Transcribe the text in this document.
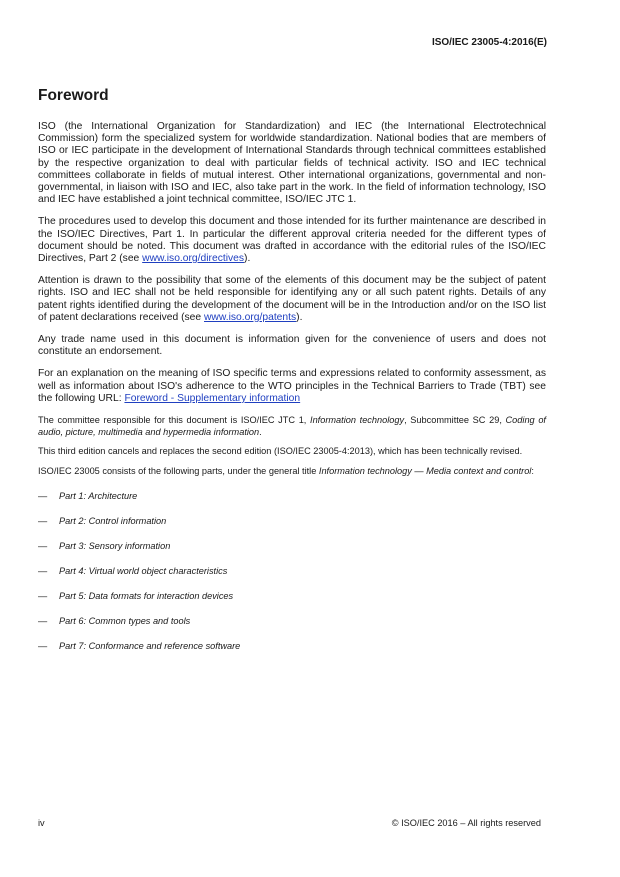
ISO/IEC 23005-4:2016(E)
Foreword

ISO (the International Organization for Standardization) and IEC (the International Electrotechnical Commission) form the specialized system for worldwide standardization. National bodies that are members of ISO or IEC participate in the development of International Standards through technical committees established by the respective organization to deal with particular fields of technical activity. ISO and IEC technical committees collaborate in fields of mutual interest. Other international organizations, governmental and non-governmental, in liaison with ISO and IEC, also take part in the work. In the field of information technology, ISO and IEC have established a joint technical committee, ISO/IEC JTC 1.

The procedures used to develop this document and those intended for its further maintenance are described in the ISO/IEC Directives, Part 1. In particular the different approval criteria needed for the different types of document should be noted. This document was drafted in accordance with the editorial rules of the ISO/IEC Directives, Part 2 (see www.iso.org/directives).

Attention is drawn to the possibility that some of the elements of this document may be the subject of patent rights. ISO and IEC shall not be held responsible for identifying any or all such patent rights. Details of any patent rights identified during the development of the document will be in the Introduction and/or on the ISO list of patent declarations received (see www.iso.org/patents).

Any trade name used in this document is information given for the convenience of users and does not constitute an endorsement.

For an explanation on the meaning of ISO specific terms and expressions related to conformity assessment, as well as information about ISO's adherence to the WTO principles in the Technical Barriers to Trade (TBT) see the following URL: Foreword - Supplementary information

The committee responsible for this document is ISO/IEC JTC 1, Information technology, Subcommittee SC 29, Coding of audio, picture, multimedia and hypermedia information.

This third edition cancels and replaces the second edition (ISO/IEC 23005-4:2013), which has been technically revised.

ISO/IEC 23005 consists of the following parts, under the general title Information technology — Media context and control:

—	Part 1: Architecture
—	Part 2: Control information
—	Part 3: Sensory information
—	Part 4: Virtual world object characteristics
—	Part 5: Data formats for interaction devices
—	Part 6: Common types and tools
—	Part 7: Conformance and reference software
iv	© ISO/IEC 2016 – All rights reserved
